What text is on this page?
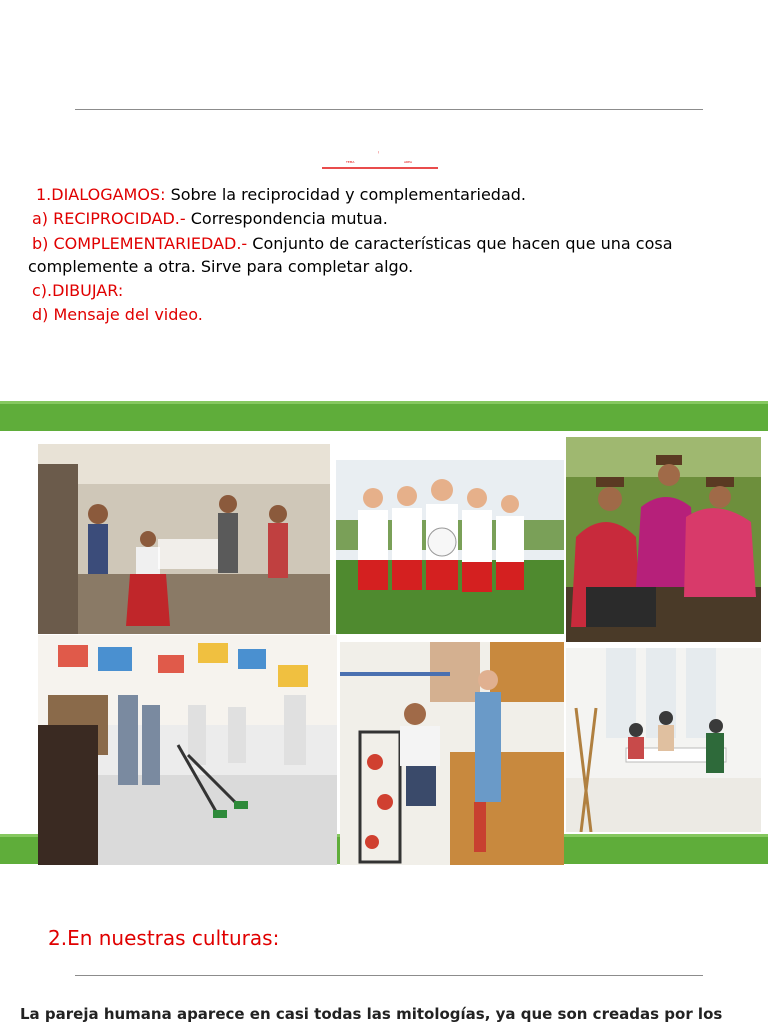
)
TEMA	AREA
1.DIALOGAMOS: Sobre la reciprocidad y complementariedad.
a) RECIPROCIDAD.- Correspondencia mutua.
b) COMPLEMENTARIEDAD.- Conjunto de características que hacen que una cosa
complemente a otra. Sirve para completar algo.
c).DIBUJAR:
d) Mensaje del video.
2.En nuestras culturas:
La pareja humana aparece en casi todas las mitologías, ya que son creadas por los
